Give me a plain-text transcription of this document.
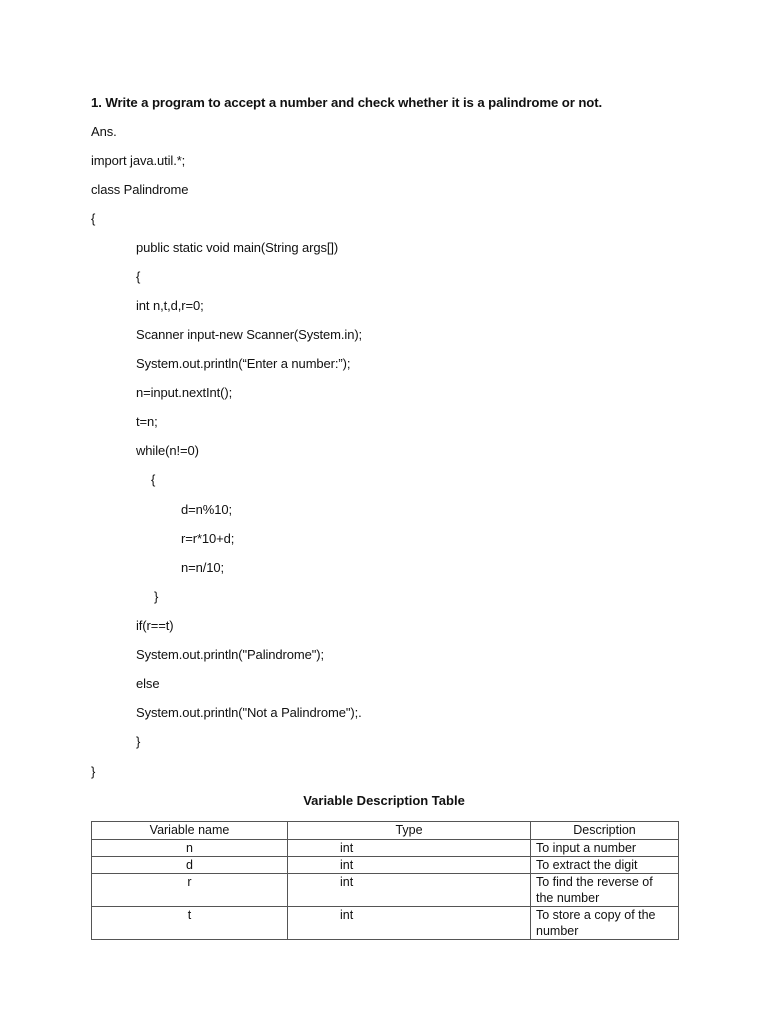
1. Write a program to accept a number and check whether it is a palindrome or not.
Ans.
import java.util.*;
class Palindrome
{
public static void main(String args[])
{
int n,t,d,r=0;
Scanner input-new Scanner(System.in);
System.out.println(“Enter a number:”);
n=input.nextInt();
t=n;
while(n!=0)
{
d=n%10;
r=r*10+d;
n=n/10;
}
if(r==t)
System.out.println("Palindrome");
else
System.out.println("Not a Palindrome");.
}
}
Variable Description Table
Variable name	Type	Description
n	int	To input a number
d	int	To extract the digit
r	int	To find the reverse of the number
t	int	To store a copy of the number
